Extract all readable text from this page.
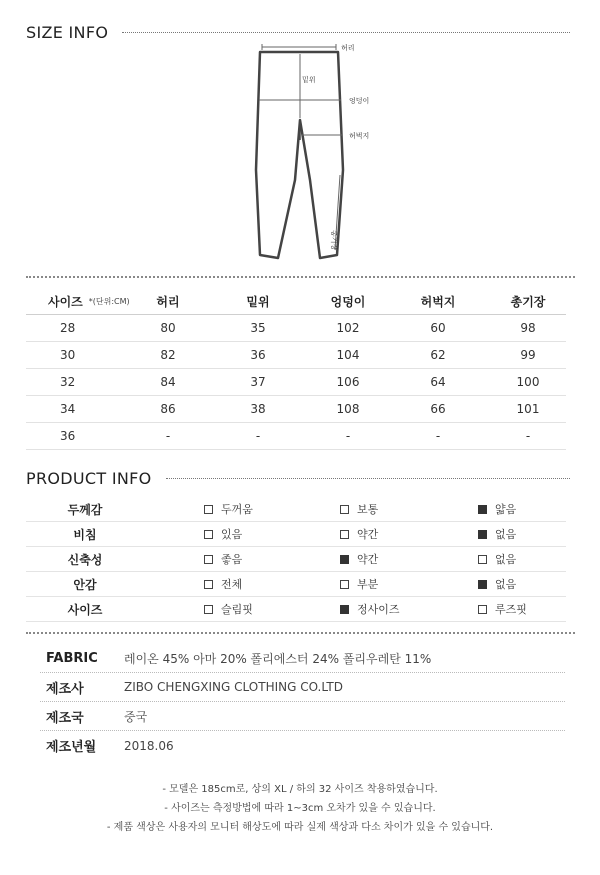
SIZE INFO
허리
밑위
엉덩이
허벅지
총기장
사이즈 *(단위:CM)	허리	밑위	엉덩이	허벅지	총기장
28	80	35	102	60	98
30	82	36	104	62	99
32	84	37	106	64	100
34	86	38	108	66	101
36	-	-	-	-	-
PRODUCT INFO
두께감	두꺼움	보통	얇음
비침	있음	약간	없음
신축성	좋음	약간	없음
안감	전체	부분	없음
사이즈	슬림핏	정사이즈	루즈핏
FABRIC	레이온 45% 아마 20% 폴리에스터 24% 폴리우레탄 11%
제조사	ZIBO CHENGXING CLOTHING CO.LTD
제조국	중국
제조년월	2018.06
- 모델은 185cm로, 상의 XL / 하의 32 사이즈 착용하였습니다.
- 사이즈는 측정방법에 따라 1~3cm 오차가 있을 수 있습니다.
- 제품 색상은 사용자의 모니터 해상도에 따라 실제 색상과 다소 차이가 있을 수 있습니다.
